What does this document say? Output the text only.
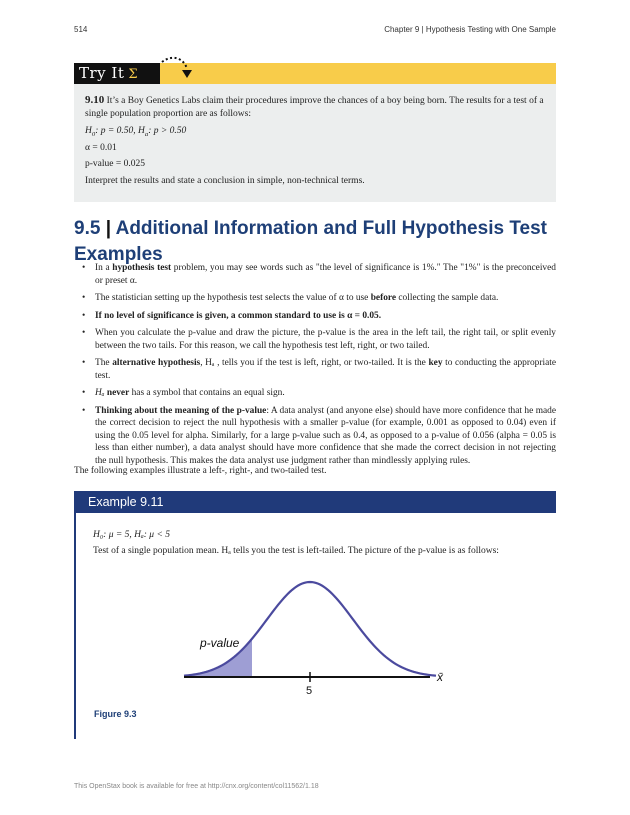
514	Chapter 9 | Hypothesis Testing with One Sample
Try It Σ

9.10 It’s a Boy Genetics Labs claim their procedures improve the chances of a boy being born. The results for a test of a single population proportion are as follows:

$H_0$: p = 0.50, $H_a$: p > 0.50

α = 0.01

p-value = 0.025

Interpret the results and state a conclusion in simple, non-technical terms.

9.5 | Additional Information and Full Hypothesis Test Examples
• In a hypothesis test problem, you may see words such as "the level of significance is 1%." The "1%" is the preconceived or preset α.
• The statistician setting up the hypothesis test selects the value of α to use before collecting the sample data.
• If no level of significance is given, a common standard to use is α = 0.05.
• When you calculate the p-value and draw the picture, the p-value is the area in the left tail, the right tail, or split evenly between the two tails. For this reason, we call the hypothesis test left, right, or two tailed.
• The alternative hypothesis, Hₐ , tells you if the test is left, right, or two-tailed. It is the key to conducting the appropriate test.
• Hₐ never has a symbol that contains an equal sign.
• Thinking about the meaning of the p-value: A data analyst (and anyone else) should have more confidence that he made the correct decision to reject the null hypothesis with a smaller p-value (for example, 0.001 as opposed to 0.04) even if using the 0.05 level for alpha. Similarly, for a large p-value such as 0.4, as opposed to a p-value of 0.056 (alpha = 0.05 is less than either number), a data analyst should have more confidence that she made the correct decision in not rejecting the null hypothesis. This makes the data analyst use judgment rather than mindlessly applying rules.

The following examples illustrate a left-, right-, and two-tailed test.

Example 9.11

H₀: μ = 5, Hₐ: μ < 5

Test of a single population mean. Hₐ tells you the test is left-tailed. The picture of the p-value is as follows:

p-value
5
x̄

Figure 9.3

This OpenStax book is available for free at http://cnx.org/content/col11562/1.18
